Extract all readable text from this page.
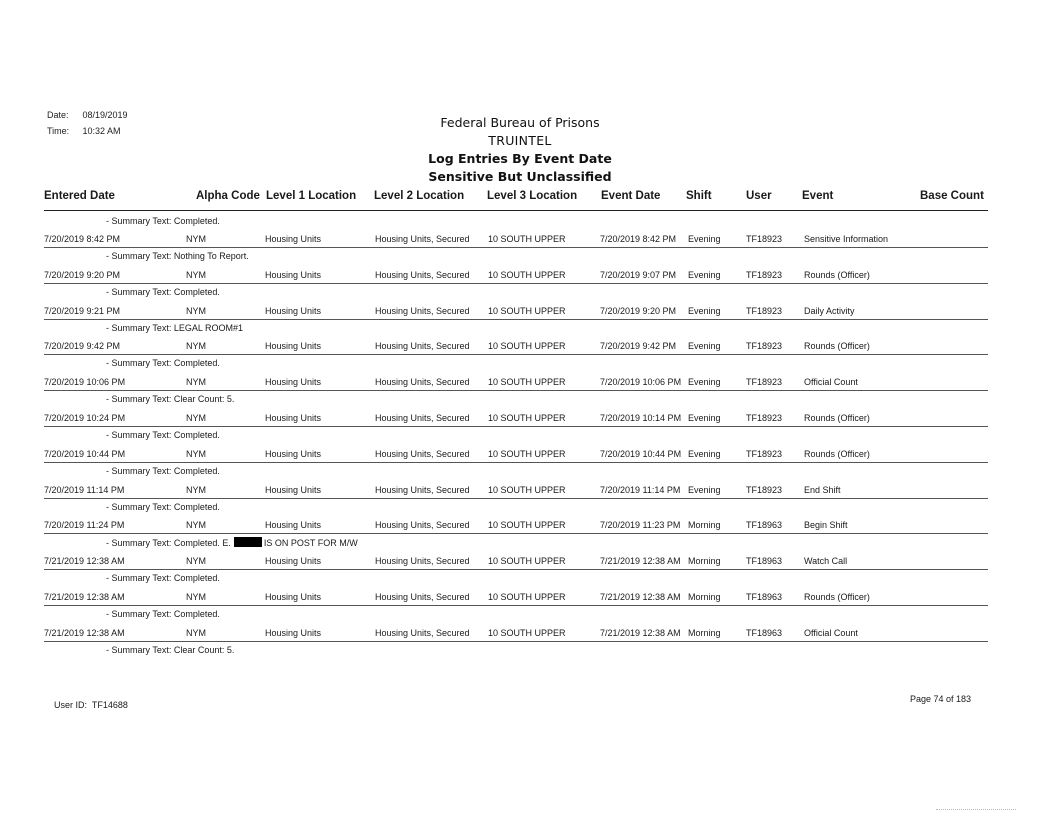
Date: 08/19/2019
Time: 10:32 AM
Federal Bureau of Prisons
TRUINTEL
Log Entries By Event Date
Sensitive But Unclassified
Entered Date	Alpha Code Level 1 Location Level 2 Location Level 3 Location Event Date Shift	User	Event	Base Count
- Summary Text: Completed.
7/20/2019 8:42 PM	NYM	Housing Units	Housing Units, Secured 10 SOUTH UPPER	7/20/2019 8:42 PM Evening	TF18923 Sensitive Information
- Summary Text: Nothing To Report.
7/20/2019 9:20 PM	NYM	Housing Units	Housing Units, Secured 10 SOUTH UPPER	7/20/2019 9:07 PM Evening	TF18923 Rounds (Officer)
- Summary Text: Completed.
7/20/2019 9:21 PM	NYM	Housing Units	Housing Units, Secured 10 SOUTH UPPER	7/20/2019 9:20 PM Evening	TF18923 Daily Activity
- Summary Text: LEGAL ROOM#1
7/20/2019 9:42 PM	NYM	Housing Units	Housing Units, Secured 10 SOUTH UPPER	7/20/2019 9:42 PM Evening	TF18923 Rounds (Officer)
- Summary Text: Completed.
7/20/2019 10:06 PM	NYM	Housing Units	Housing Units, Secured 10 SOUTH UPPER	7/20/2019 10:06 PM Evening	TF18923 Official Count
- Summary Text: Clear Count: 5.
7/20/2019 10:24 PM	NYM	Housing Units	Housing Units, Secured 10 SOUTH UPPER	7/20/2019 10:14 PM Evening	TF18923 Rounds (Officer)
- Summary Text: Completed.
7/20/2019 10:44 PM	NYM	Housing Units	Housing Units, Secured 10 SOUTH UPPER	7/20/2019 10:44 PM Evening	TF18923 Rounds (Officer)
- Summary Text: Completed.
7/20/2019 11:14 PM	NYM	Housing Units	Housing Units, Secured 10 SOUTH UPPER	7/20/2019 11:14 PM Evening	TF18923 End Shift
- Summary Text: Completed.
7/20/2019 11:24 PM	NYM	Housing Units	Housing Units, Secured 10 SOUTH UPPER	7/20/2019 11:23 PM Morning	TF18963 Begin Shift
- Summary Text: Completed. E.	IS ON POST FOR M/W
7/21/2019 12:38 AM	NYM	Housing Units	Housing Units, Secured 10 SOUTH UPPER	7/21/2019 12:38 AM Morning	TF18963 Watch Call
- Summary Text: Completed.
7/21/2019 12:38 AM	NYM	Housing Units	Housing Units, Secured 10 SOUTH UPPER	7/21/2019 12:38 AM Morning	TF18963 Rounds (Officer)
- Summary Text: Completed.
7/21/2019 12:38 AM	NYM	Housing Units	Housing Units, Secured 10 SOUTH UPPER	7/21/2019 12:38 AM Morning	TF18963 Official Count
- Summary Text: Clear Count: 5.
User ID: TF14688
Page 74 of 183
